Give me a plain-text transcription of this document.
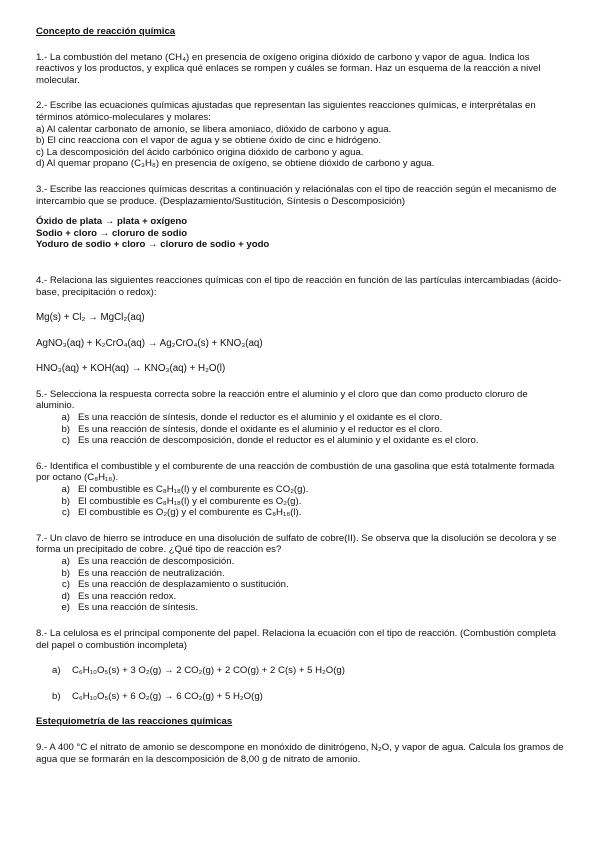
Concepto de reacción química

1.- La combustión del metano (CH₄) en presencia de oxígeno origina dióxido de carbono y vapor de agua. Indica los reactivos y los productos, y explica qué enlaces se rompen y cuáles se forman. Haz un esquema de la reacción a nivel molecular.

2.- Escribe las ecuaciones químicas ajustadas que representan las siguientes reacciones químicas, e interprétalas en términos atómico-moleculares y molares:

a) Al calentar carbonato de amonio, se libera amoniaco, dióxido de carbono y agua.

b) El cinc reacciona con el vapor de agua y se obtiene óxido de cinc e hidrógeno.

c) La descomposición del ácido carbónico origina dióxido de carbono y agua.

d) Al quemar propano (C₃H₈) en presencia de oxígeno, se obtiene dióxido de carbono y agua.

3.- Escribe las reacciones químicas descritas a continuación y relaciónalas con el tipo de reacción según el mecanismo de intercambio que se produce. (Desplazamiento/Sustitución, Síntesis o Descomposición)

Óxido de plata → plata + oxígeno

Sodio + cloro → cloruro de sodio

Yoduro de sodio + cloro → cloruro de sodio + yodo

4.- Relaciona las siguientes reacciones químicas con el tipo de reacción en función de las partículas intercambiadas (ácido-base, precipitación o redox):

Mg(s) + Cl₂ → MgCl₂(aq)

AgNO₃(aq) + K₂CrO₄(aq) → Ag₂CrO₄(s) + KNO₃(aq)

HNO₃(aq) + KOH(aq) → KNO₃(aq) + H₂O(l)

5.- Selecciona la respuesta correcta sobre la reacción entre el aluminio y el cloro que dan como producto cloruro de aluminio.

a) Es una reacción de síntesis, donde el reductor es el aluminio y el oxidante es el cloro.
b) Es una reacción de síntesis, donde el oxidante es el aluminio y el reductor es el cloro.
c) Es una reacción de descomposición, donde el reductor es el aluminio y el oxidante es el cloro.

6.- Identifica el combustible y el comburente de una reacción de combustión de una gasolina que está totalmente formada por octano (C₈H₁₈).

a) El combustible es C₈H₁₈(l) y el comburente es CO₂(g).
b) El combustible es C₈H₁₈(l) y el comburente es O₂(g).
c) El combustible es O₂(g) y el comburente es C₈H₁₈(l).

7.- Un clavo de hierro se introduce en una disolución de sulfato de cobre(II). Se observa que la disolución se decolora y se forma un precipitado de cobre. ¿Qué tipo de reacción es?

a) Es una reacción de descomposición.
b) Es una reacción de neutralización.
c) Es una reacción de desplazamiento o sustitución.
d) Es una reacción redox.
e) Es una reacción de síntesis.

8.- La celulosa es el principal componente del papel. Relaciona la ecuación con el tipo de reacción. (Combustión completa del papel o combustión incompleta)

a)	C₆H₁₀O₅(s) + 3 O₂(g) → 2 CO₂(g) + 2 CO(g) + 2 C(s) + 5 H₂O(g)
b)	C₆H₁₀O₅(s) + 6 O₂(g) → 6 CO₂(g) + 5 H₂O(g)

Estequiometría de las reacciones químicas

9.- A 400 °C el nitrato de amonio se descompone en monóxido de dinitrógeno, N₂O, y vapor de agua. Calcula los gramos de agua que se formarán en la descomposición de 8,00 g de nitrato de amonio.
